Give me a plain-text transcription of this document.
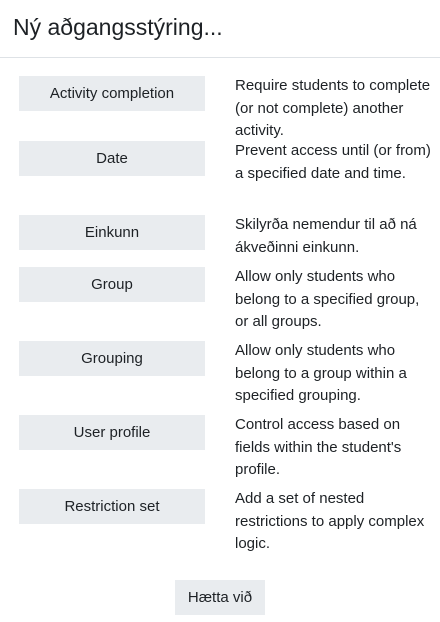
Ný aðgangsstýring...
Activity completion	Require students to complete (or not complete) another activity.

Date	Prevent access until (or from) a specified date and time.

Einkunn	Skilyrða nemendur til að ná ákveðinni einkunn.

Group	Allow only students who belong to a specified group, or all groups.

Grouping	Allow only students who belong to a group within a specified grouping.

User profile	Control access based on fields within the student's profile.

Restriction set	Add a set of nested restrictions to apply complex logic.

Hætta við
